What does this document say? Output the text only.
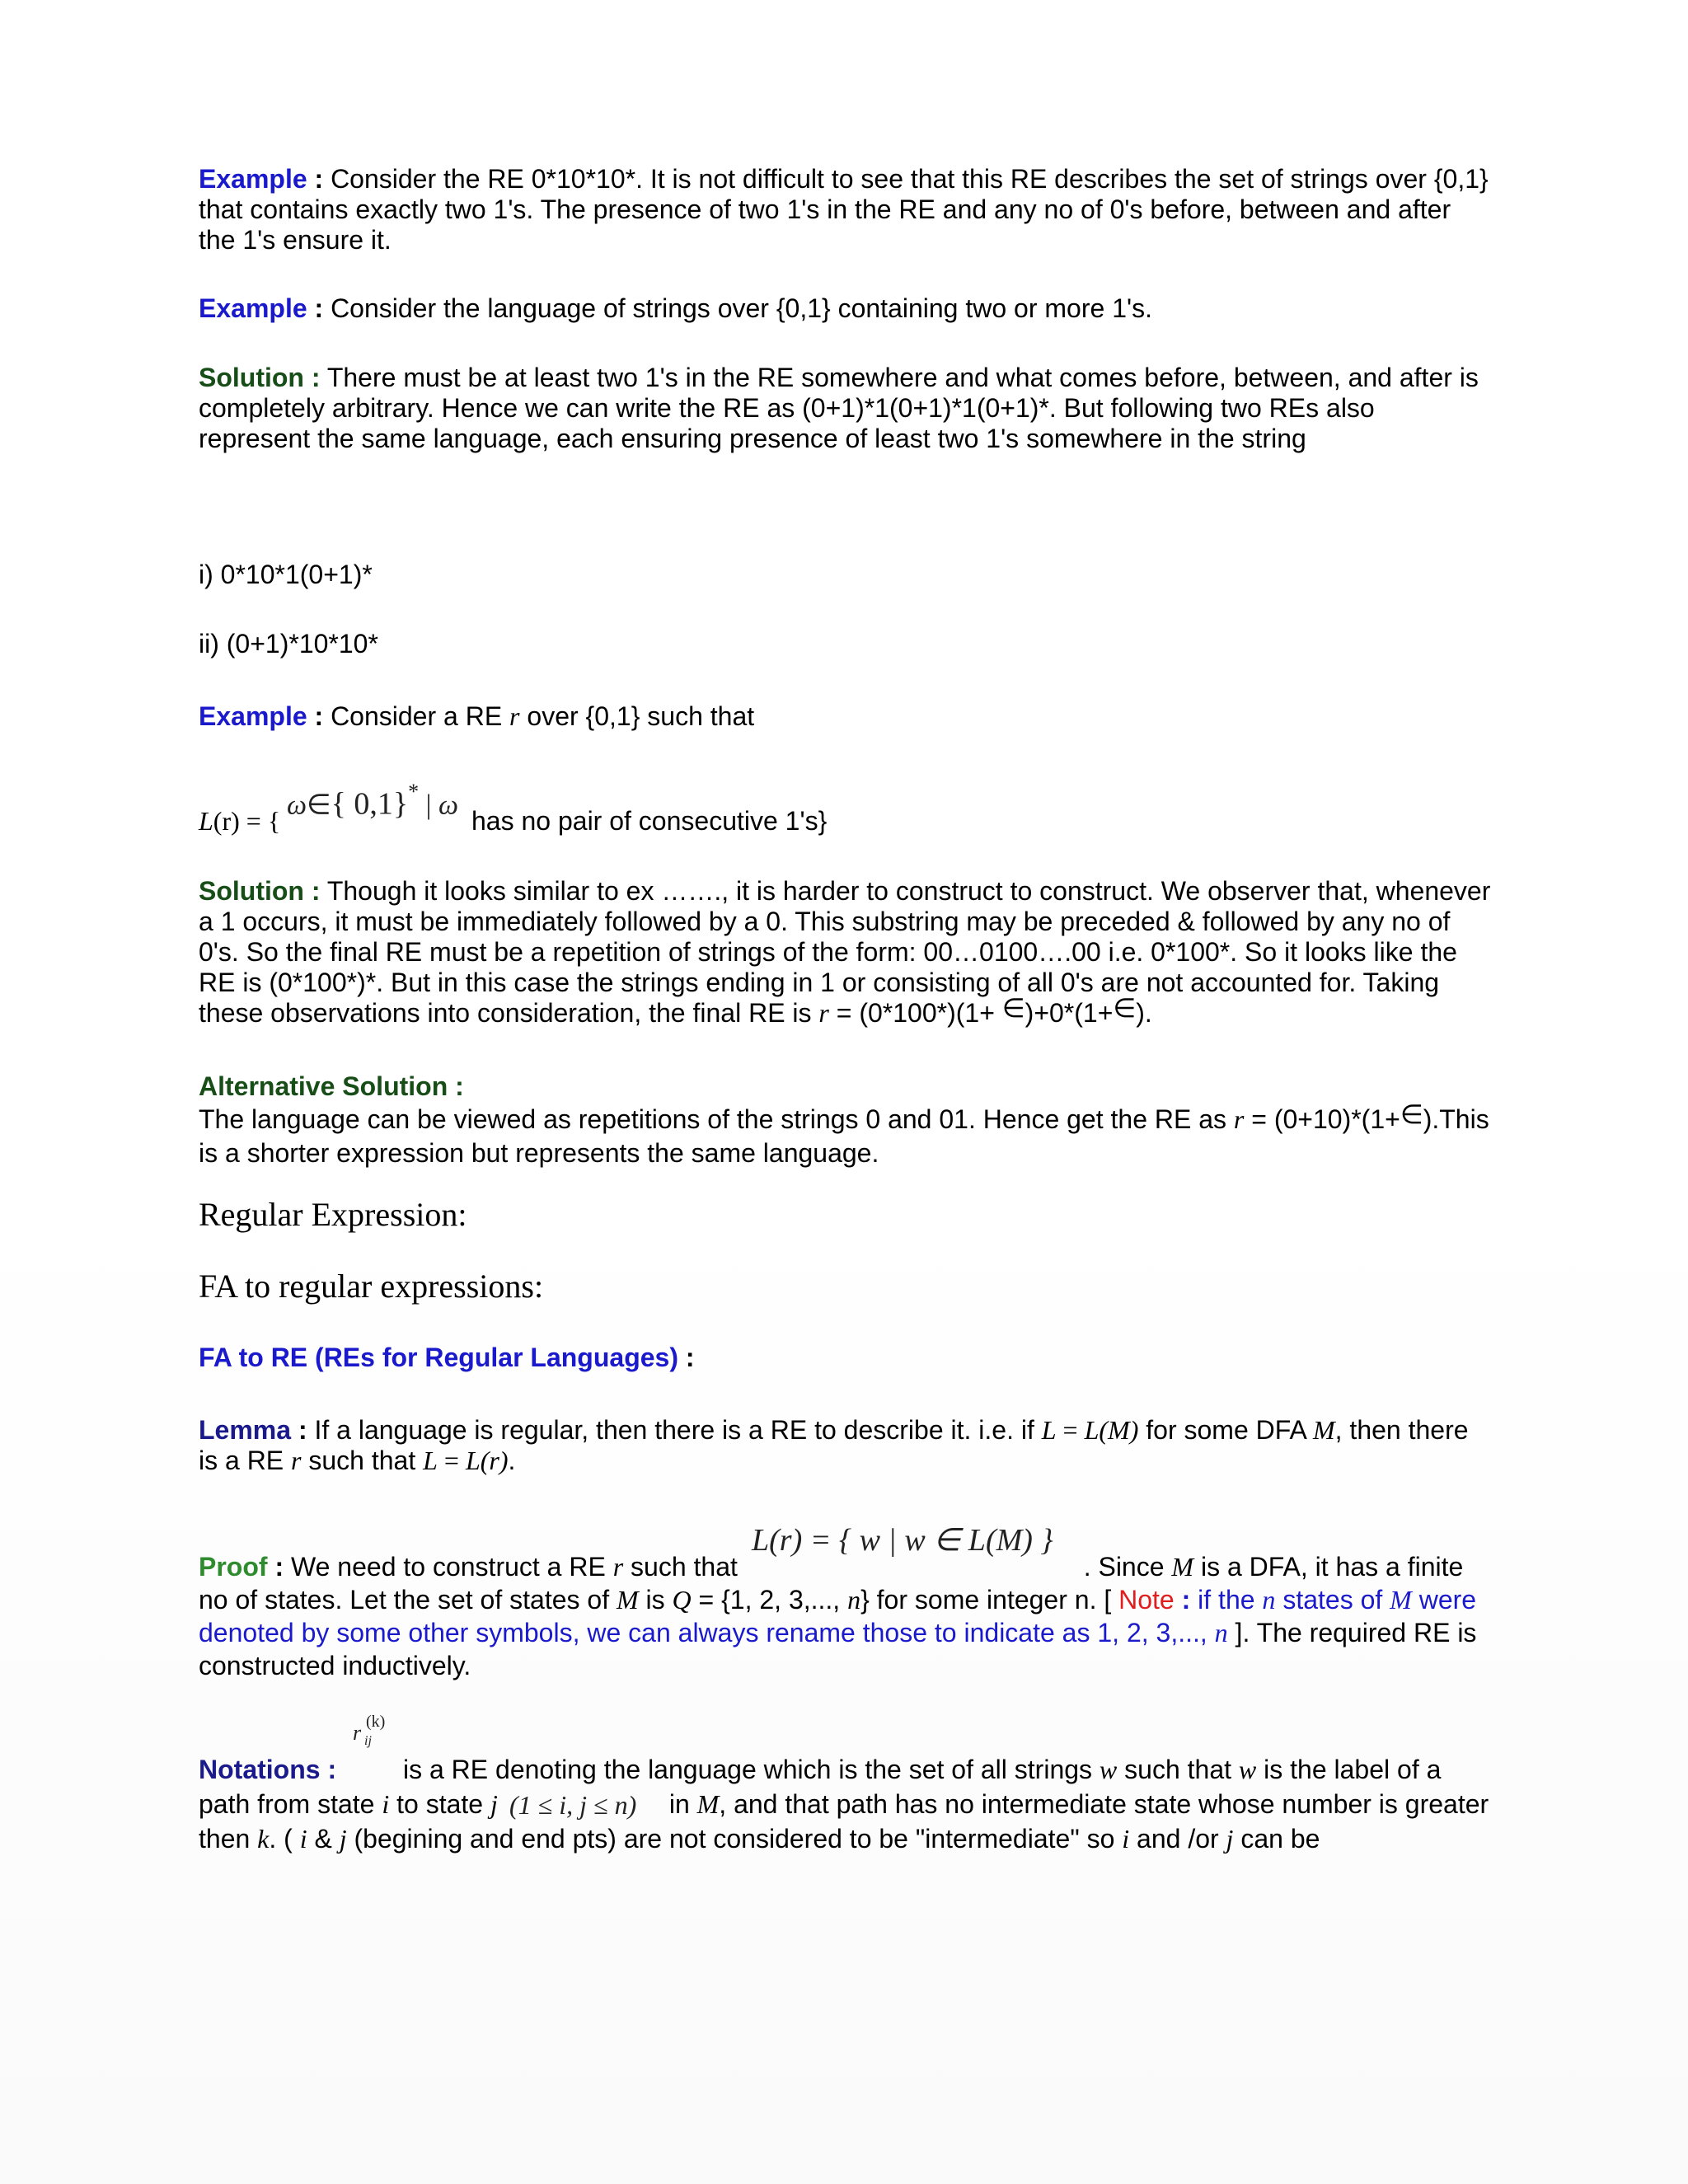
Example : Consider the RE 0*10*10*. It is not difficult to see that this RE describes the set of strings over {0,1} that contains exactly two 1's. The presence of two 1's in the RE and any no of 0's before, between and after the 1's ensure it.
Example : Consider the language of strings over {0,1} containing two or more 1's.
Solution : There must be at least two 1's in the RE somewhere and what comes before, between, and after is completely arbitrary. Hence we can write the RE as (0+1)*1(0+1)*1(0+1)*. But following two REs also represent the same language, each ensuring presence of least two 1's somewhere in the string
i) 0*10*1(0+1)*
ii) (0+1)*10*10*
Example : Consider a RE r over {0,1} such that
L(r) = {
ω∈{ 0,1}* | ω
has no pair of consecutive 1's}
Solution : Though it looks similar to ex ……., it is harder to construct to construct. We observer that, whenever a 1 occurs, it must be immediately followed by a 0. This substring may be preceded & followed by any no of 0's. So the final RE must be a repetition of strings of the form: 00…0100….00 i.e. 0*100*. So it looks like the RE is (0*100*)*. But in this case the strings ending in 1 or consisting of all 0's are not accounted for. Taking these observations into consideration, the final RE is r = (0*100*)(1+ ∈)+0*(1+∈).
Alternative Solution :
The language can be viewed as repetitions of the strings 0 and 01. Hence get the RE as r = (0+10)*(1+∈).This is a shorter expression but represents the same language.
Regular Expression:
FA to regular expressions:
FA to RE (REs for Regular Languages) :
Lemma : If a language is regular, then there is a RE to describe it. i.e. if L = L(M) for some DFA M, then there is a RE r such that L = L(r).
L(r) = { w | w ∈ L(M) }
Proof : We need to construct a RE r such that	. Since M is a DFA, it has a finite no of states. Let the set of states of M is Q = {1, 2, 3,..., n} for some integer n. [ Note : if the n states of M were denoted by some other symbols, we can always rename those to indicate as 1, 2, 3,..., n ]. The required RE is constructed inductively.
r (k)
ij
(1 ≤ i, j ≤ n)
Notations : is a RE denoting the language which is the set of all strings w such that w is the label of a path from state i to state j	in M, and that path has no intermediate state whose number is greater then k. ( i & j (begining and end pts) are not considered to be "intermediate" so i and /or j can be
